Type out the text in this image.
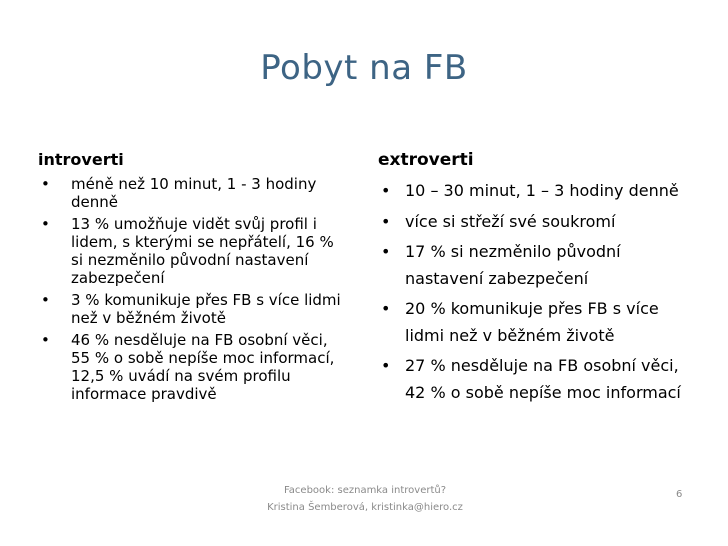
Pobyt na FB
introverti
• méně než 10 minut, 1 - 3 hodiny denně
• 13 % umožňuje vidět svůj profil i lidem, s kterými se nepřátelí, 16 % si nezměnilo původní nastavení zabezpečení
• 3 % komunikuje přes FB s více lidmi než v běžném životě
• 46 % nesděluje na FB osobní věci, 55 % o sobě nepíše moc informací, 12,5 % uvádí na svém profilu informace pravdivě
extroverti
• 10 – 30 minut, 1 – 3 hodiny denně
• více si střeží své soukromí
• 17 % si nezměnilo původní nastavení zabezpečení
• 20 % komunikuje přes FB s více lidmi než v běžném životě
• 27 % nesděluje na FB osobní věci, 42 % o sobě nepíše moc informací
Facebook: seznamka introvertů?
Kristina Šemberová, kristinka@hiero.cz
6
